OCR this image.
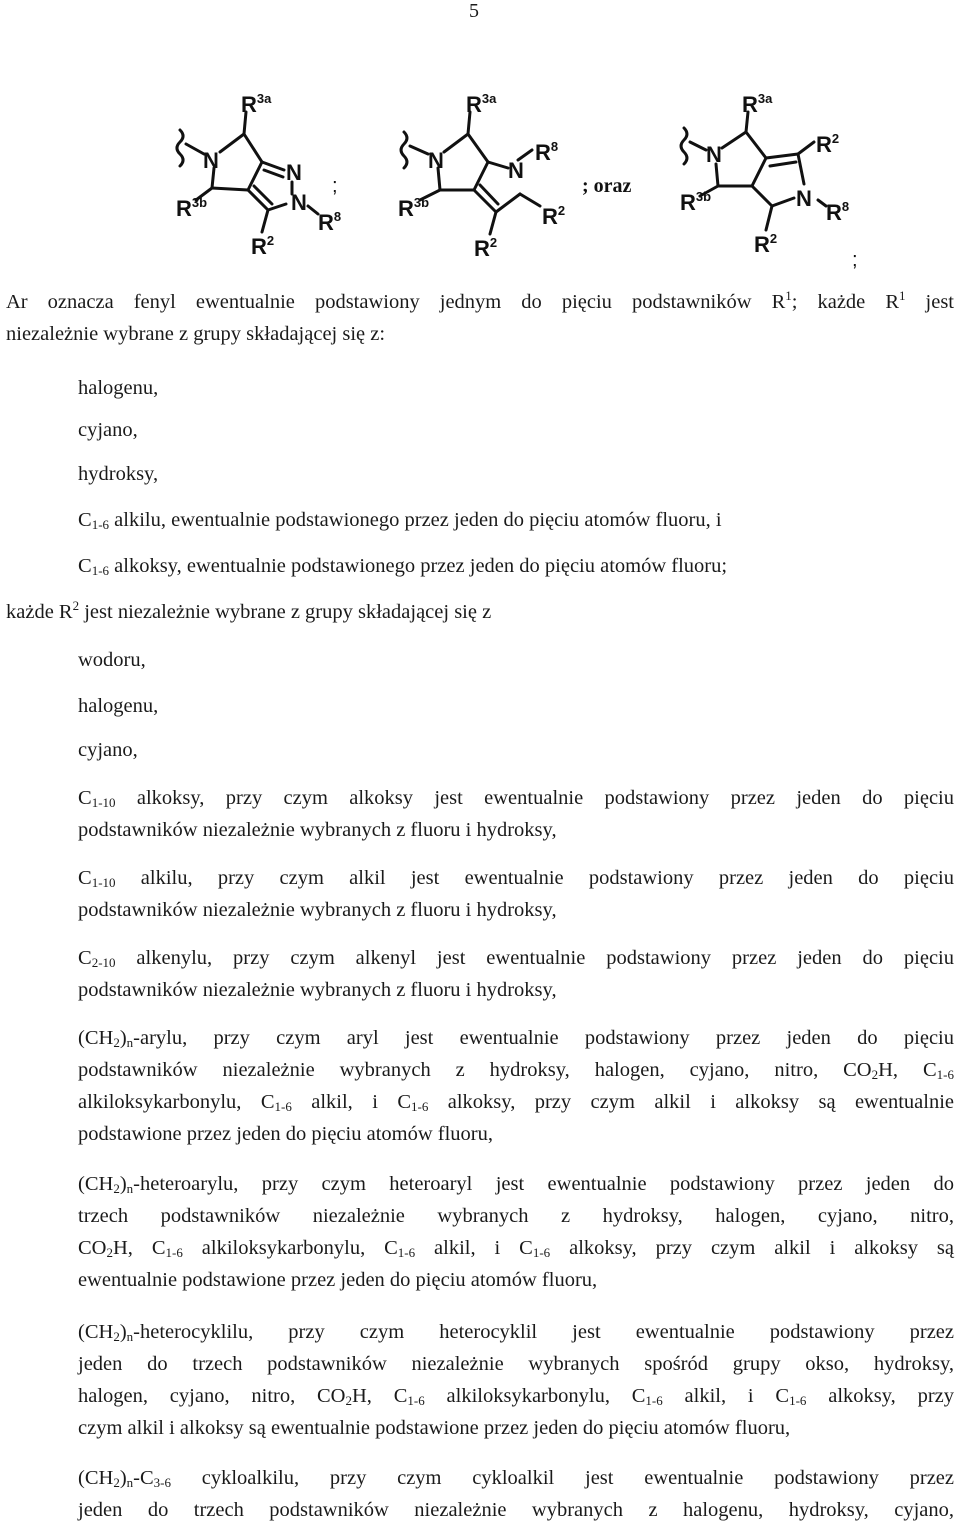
5
$R^{3a}$
N	N
N
$R^{3b}$
$R^8$
$R^2$
$R^{3a}$
N	$R^8$
N
$R^{3b}$
$R^2$
$R^2$
$R^{3a}$
N	$R^2$
$R^{3b}$	N
$R^8$
$R^2$
;	; oraz
;
Ar oznacza fenyl ewentualnie podstawiony jednym do pięciu podstawników $R^1$; każde $R^1$ jest
niezależnie wybrane z grupy składającej się z:
halogenu,
cyjano,
hydroksy,
$C_{1-6}$ alkilu, ewentualnie podstawionego przez jeden do pięciu atomów fluoru, i
$C_{1-6}$ alkoksy, ewentualnie podstawionego przez jeden do pięciu atomów fluoru;
każde $R^2$ jest niezależnie wybrane z grupy składającej się z
wodoru,
halogenu,
cyjano,
$C_{1-10}$ alkoksy, przy czym alkoksy jest ewentualnie podstawiony przez jeden do pięciu
podstawników niezależnie wybranych z fluoru i hydroksy,
$C_{1-10}$ alkilu, przy czym alkil jest ewentualnie podstawiony przez jeden do pięciu
podstawników niezależnie wybranych z fluoru i hydroksy,
$C_{2-10}$ alkenylu, przy czym alkenyl jest ewentualnie podstawiony przez jeden do pięciu
podstawników niezależnie wybranych z fluoru i hydroksy,
$(CH_2)_n$-arylu, przy czym aryl jest ewentualnie podstawiony przez jeden do pięciu
podstawników niezależnie wybranych z hydroksy, halogen, cyjano, nitro, $CO_2H$, $C_{1-6}$
alkiloksykarbonylu, $C_{1-6}$ alkil, i $C_{1-6}$ alkoksy, przy czym alkil i alkoksy są ewentualnie
podstawione przez jeden do pięciu atomów fluoru,
$(CH_2)_n$-heteroarylu, przy czym heteroaryl jest ewentualnie podstawiony przez jeden do
trzech podstawników niezależnie wybranych z hydroksy, halogen, cyjano, nitro,
$CO_2H$, $C_{1-6}$ alkiloksykarbonylu, $C_{1-6}$ alkil, i $C_{1-6}$ alkoksy, przy czym alkil i alkoksy są
ewentualnie podstawione przez jeden do pięciu atomów fluoru,
$(CH_2)_n$-heterocyklilu, przy czym heterocyklil jest ewentualnie podstawiony przez
jeden do trzech podstawników niezależnie wybranych spośród grupy okso, hydroksy,
halogen, cyjano, nitro, $CO_2H$, $C_{1-6}$ alkiloksykarbonylu, $C_{1-6}$ alkil, i $C_{1-6}$ alkoksy, przy
czym alkil i alkoksy są ewentualnie podstawione przez jeden do pięciu atomów fluoru,
$(CH_2)_n-C_{3-6}$ cykloalkilu, przy czym cykloalkil jest ewentualnie podstawiony przez
jeden do trzech podstawników niezależnie wybranych z halogenu, hydroksy, cyjano,
